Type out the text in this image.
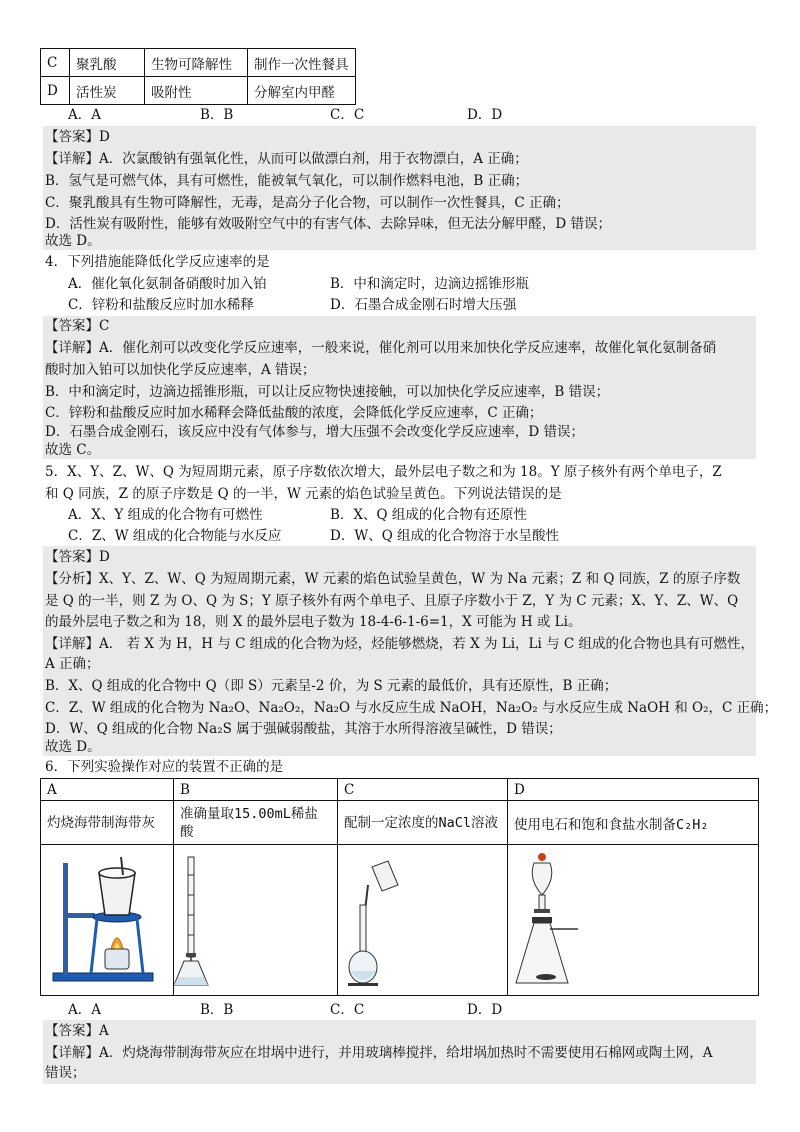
C	聚乳酸	生物可降解性	制作一次性餐具
D	活性炭	吸附性	分解室内甲醛
A．A	B．B	C．C	D．D
【答案】D
【详解】A．次氯酸钠有强氧化性，从而可以做漂白剂，用于衣物漂白，A 正确；
B．氢气是可燃气体，具有可燃性，能被氧气氧化，可以制作燃料电池，B 正确；
C．聚乳酸具有生物可降解性，无毒，是高分子化合物，可以制作一次性餐具，C 正确；
D．活性炭有吸附性，能够有效吸附空气中的有害气体、去除异味，但无法分解甲醛，D 错误；
故选 D。
4．下列措施能降低化学反应速率的是
A．催化氧化氨制备硝酸时加入铂	B．中和滴定时，边滴边摇锥形瓶
C．锌粉和盐酸反应时加水稀释	D．石墨合成金刚石时增大压强
【答案】C
【详解】A．催化剂可以改变化学反应速率，一般来说，催化剂可以用来加快化学反应速率，故催化氧化氨制备硝
酸时加入铂可以加快化学反应速率，A 错误；
B．中和滴定时，边滴边摇锥形瓶，可以让反应物快速接触，可以加快化学反应速率，B 错误；
C．锌粉和盐酸反应时加水稀释会降低盐酸的浓度，会降低化学反应速率，C 正确；
D．石墨合成金刚石，该反应中没有气体参与，增大压强不会改变化学反应速率，D 错误；
故选 C。
5．X、Y、Z、W、Q 为短周期元素，原子序数依次增大，最外层电子数之和为 18。Y 原子核外有两个单电子，Z
和 Q 同族，Z 的原子序数是 Q 的一半，W 元素的焰色试验呈黄色。下列说法错误的是
A．X、Y 组成的化合物有可燃性	B．X、Q 组成的化合物有还原性
C．Z、W 组成的化合物能与水反应	D．W、Q 组成的化合物溶于水呈酸性
【答案】D
【分析】X、Y、Z、W、Q 为短周期元素，W 元素的焰色试验呈黄色，W 为 Na 元素；Z 和 Q 同族，Z 的原子序数
是 Q 的一半，则 Z 为 O、Q 为 S；Y 原子核外有两个单电子、且原子序数小于 Z，Y 为 C 元素；X、Y、Z、W、Q
的最外层电子数之和为 18，则 X 的最外层电子数为 18-4-6-1-6=1，X 可能为 H 或 Li。
【详解】A． 若 X 为 H，H 与 C 组成的化合物为烃，烃能够燃烧，若 X 为 Li，Li 与 C 组成的化合物也具有可燃性，
A 正确；
B．X、Q 组成的化合物中 Q（即 S）元素呈-2 价，为 S 元素的最低价，具有还原性，B 正确；
C．Z、W 组成的化合物为 Na₂O、Na₂O₂，Na₂O 与水反应生成 NaOH，Na₂O₂ 与水反应生成 NaOH 和 O₂，C 正确；
D．W、Q 组成的化合物 Na₂S 属于强碱弱酸盐，其溶于水所得溶液呈碱性，D 错误；
故选 D。
6．下列实验操作对应的装置不正确的是
A	B	C	D
灼烧海带制海带灰	准确量取15.00mL稀盐酸	配制一定浓度的NaCl溶液	使用电石和饱和食盐水制备C₂H₂

A．A	B．B	C．C	D．D
【答案】A
【详解】A．灼烧海带制海带灰应在坩埚中进行，并用玻璃棒搅拌，给坩埚加热时不需要使用石棉网或陶土网，A
错误；
